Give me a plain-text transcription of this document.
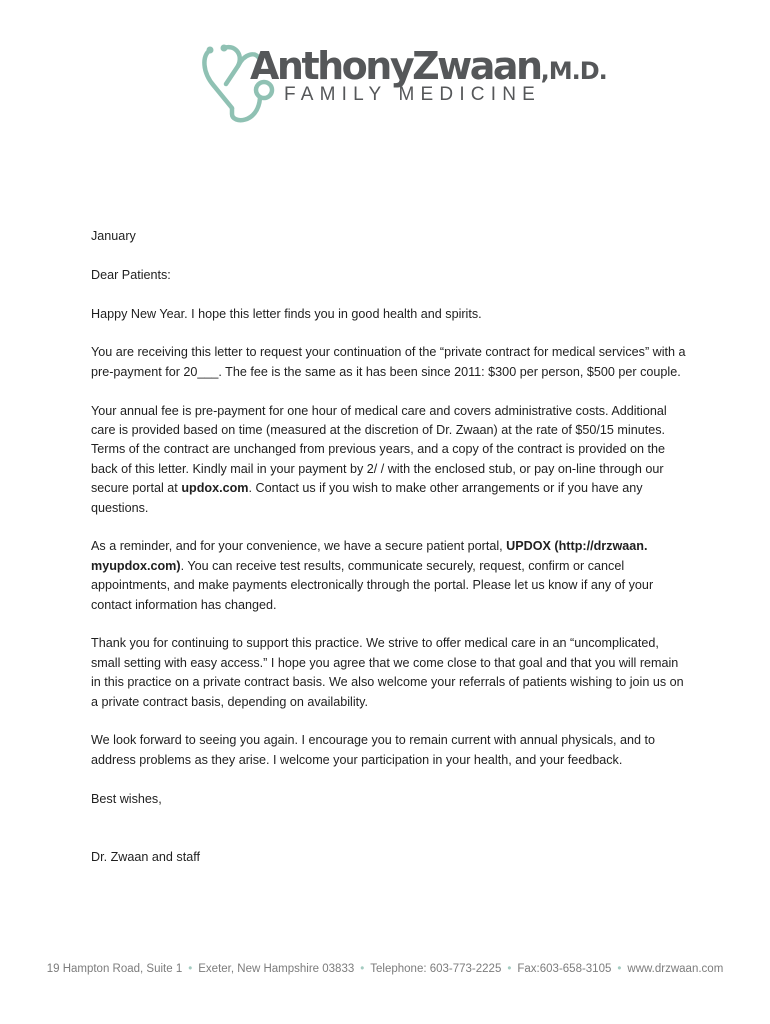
AnthonyZwaan,M.D.
FAMILY MEDICINE

January

Dear Patients:

Happy New Year. I hope this letter finds you in good health and spirits.

You are receiving this letter to request your continuation of the “private contract for medical services” with a pre-payment for 20___. The fee is the same as it has been since 2011: $300 per person, $500 per couple.

Your annual fee is pre-payment for one hour of medical care and covers administrative costs. Additional care is provided based on time (measured at the discretion of Dr. Zwaan) at the rate of $50/15 minutes. Terms of the contract are unchanged from previous years, and a copy of the contract is provided on the back of this letter. Kindly mail in your payment by 2/ / with the enclosed stub, or pay on-line through our secure portal at updox.com. Contact us if you wish to make other arrangements or if you have any questions.

As a reminder, and for your convenience, we have a secure patient portal, UPDOX (http://drzwaan. myupdox.com). You can receive test results, communicate securely, request, confirm or cancel appointments, and make payments electronically through the portal. Please let us know if any of your contact information has changed.

Thank you for continuing to support this practice. We strive to offer medical care in an “uncomplicated, small setting with easy access.” I hope you agree that we come close to that goal and that you will remain in this practice on a private contract basis. We also welcome your referrals of patients wishing to join us on a private contract basis, depending on availability.

We look forward to seeing you again. I encourage you to remain current with annual physicals, and to address problems as they arise. I welcome your participation in your health, and your feedback.

Best wishes,

Dr. Zwaan and staff

19 Hampton Road, Suite 1 • Exeter, New Hampshire 03833 • Telephone: 603-773-2225 • Fax:603-658-3105 • www.drzwaan.com
